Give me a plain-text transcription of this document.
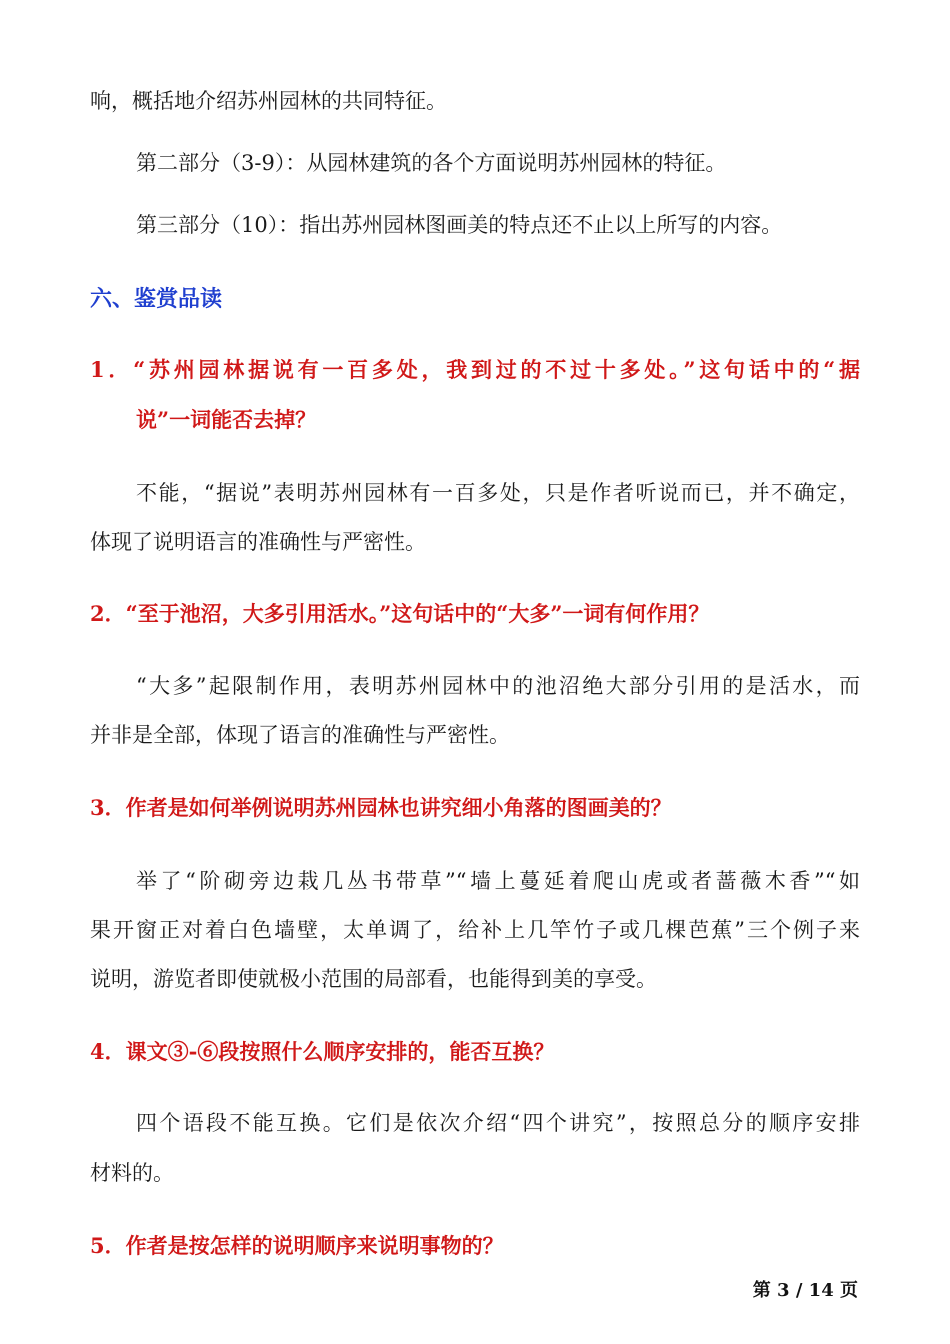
响，概括地介绍苏州园林的共同特征。
第二部分（3-9）：从园林建筑的各个方面说明苏州园林的特征。
第三部分（10）：指出苏州园林图画美的特点还不止以上所写的内容。
六、鉴赏品读
1．“苏州园林据说有一百多处，我到过的不过十多处。”这句话中的“据
说”一词能否去掉？
不能，“据说”表明苏州园林有一百多处，只是作者听说而已，并不确定，
体现了说明语言的准确性与严密性。
2．“至于池沼，大多引用活水。”这句话中的“大多”一词有何作用？
“大多”起限制作用，表明苏州园林中的池沼绝大部分引用的是活水，而
并非是全部，体现了语言的准确性与严密性。
3．作者是如何举例说明苏州园林也讲究细小角落的图画美的？
举了“阶砌旁边栽几丛书带草”“墙上蔓延着爬山虎或者蔷薇木香”“如
果开窗正对着白色墙壁，太单调了，给补上几竿竹子或几棵芭蕉”三个例子来
说明，游览者即使就极小范围的局部看，也能得到美的享受。
4．课文③-⑥段按照什么顺序安排的，能否互换？
四个语段不能互换。它们是依次介绍“四个讲究”，按照总分的顺序安排
材料的。
5．作者是按怎样的说明顺序来说明事物的？
第 3 / 14 页
